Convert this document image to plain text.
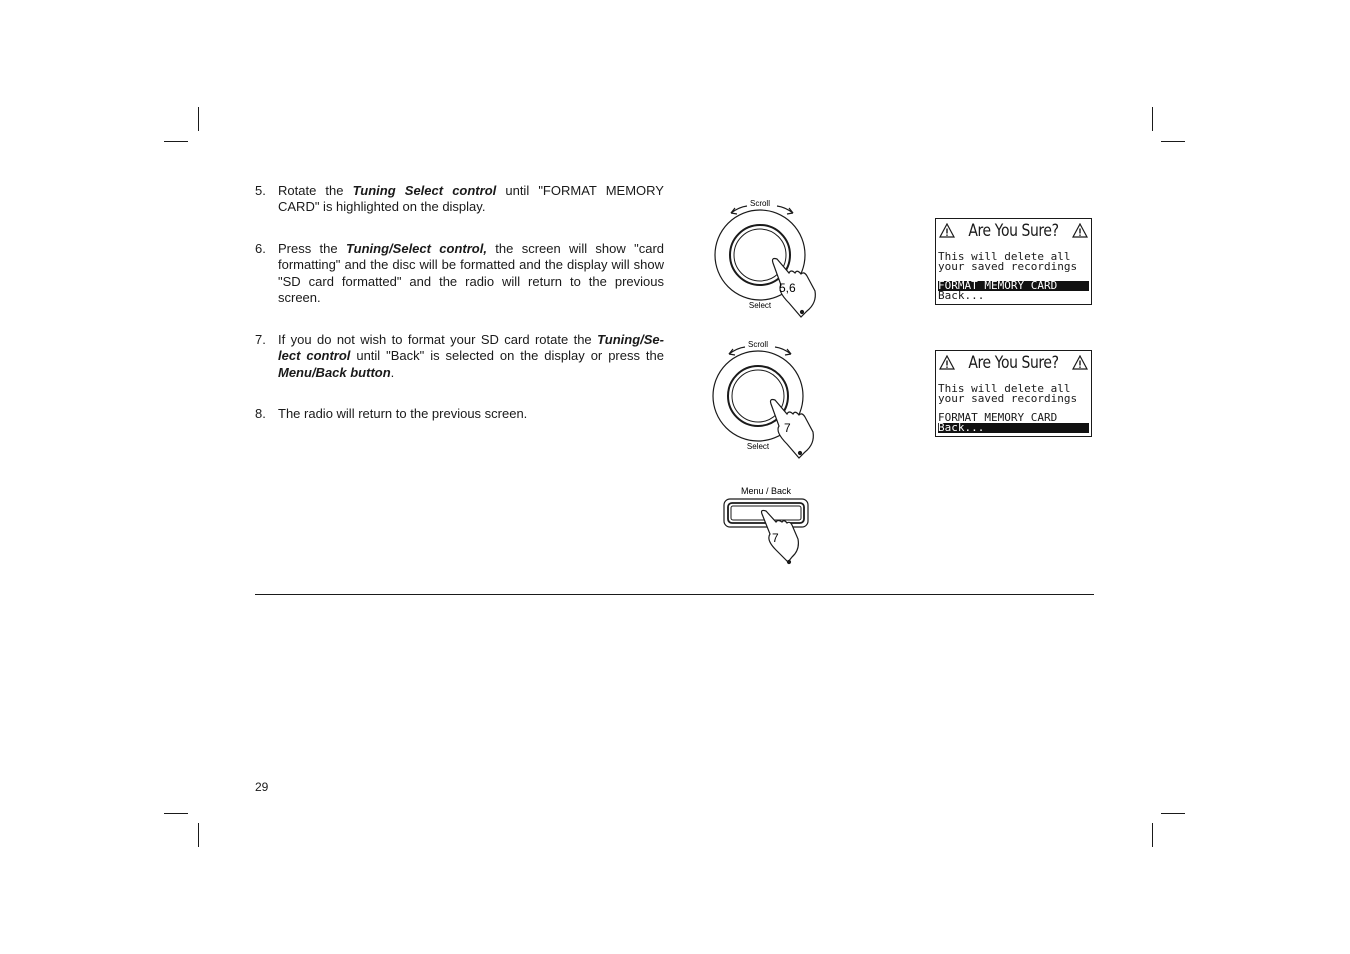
5. Rotate the Tuning Select control until "FORMAT MEMORY CARD" is highlighted on the display.
6. Press the Tuning/Select control, the screen will show "card formatting" and the disc will be formatted and the display will show "SD card formatted" and the radio will return to the previous screen.
7. If you do not wish to format your SD card rotate the Tuning/Se-lect control until "Back" is selected on the display or press the Menu/Back button.
8. The radio will return to the previous screen.
Scroll
Select
5,6
Scroll
Select
7
Menu / Back
7
Are You Sure?
This will delete all
your saved recordings
FORMAT MEMORY CARD
Back...
Are You Sure?
This will delete all
your saved recordings
FORMAT MEMORY CARD
Back...
29
